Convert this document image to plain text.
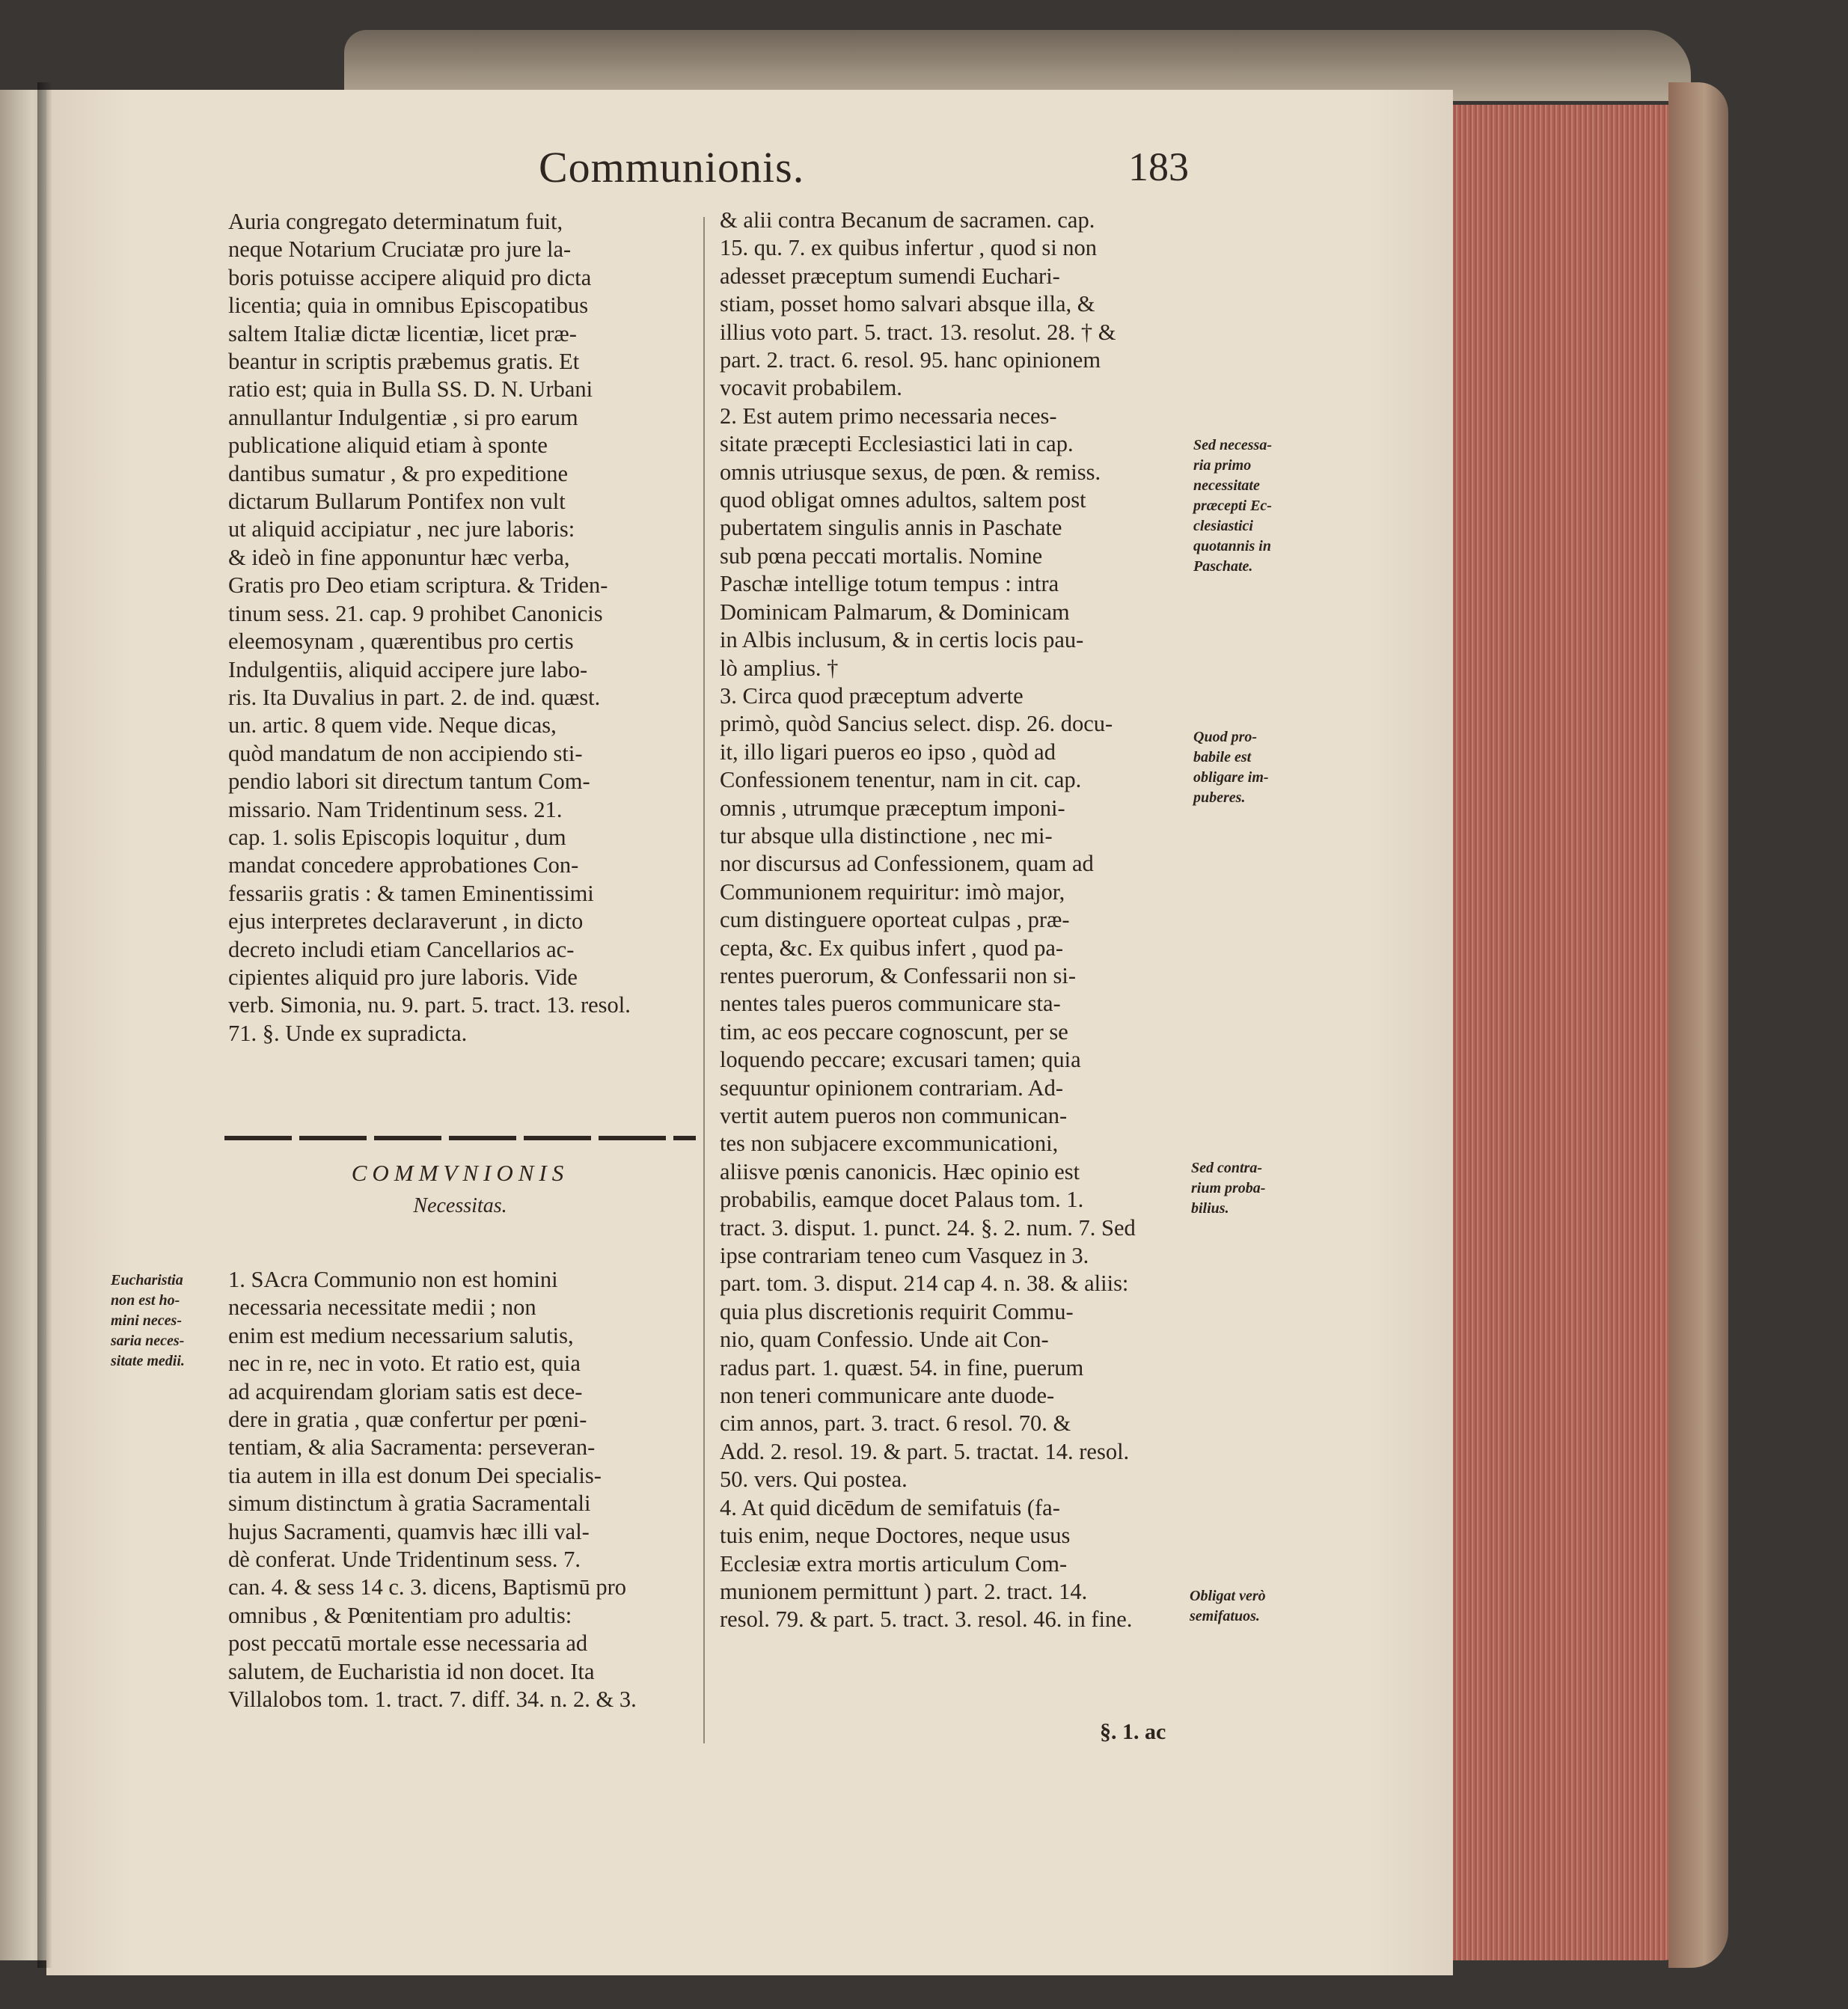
Communionis.	183

Auria congregato determinatum fuit,

neque Notarium Cruciatæ pro jure la-

boris potuisse accipere aliquid pro dicta

licentia; quia in omnibus Episcopatibus

saltem Italiæ dictæ licentiæ, licet præ-

beantur in scriptis præbemus gratis. Et

ratio est; quia in Bulla SS. D. N. Urbani

annullantur Indulgentiæ , si pro earum

publicatione aliquid etiam à sponte

dantibus sumatur , & pro expeditione

dictarum Bullarum Pontifex non vult

ut aliquid accipiatur , nec jure laboris:

& ideò in fine apponuntur hæc verba,

Gratis pro Deo etiam scriptura. & Triden-

tinum sess. 21. cap. 9 prohibet Canonicis

eleemosynam , quærentibus pro certis

Indulgentiis, aliquid accipere jure labo-

ris. Ita Duvalius in part. 2. de ind. quæst.

un. artic. 8 quem vide. Neque dicas,

quòd mandatum de non accipiendo sti-

pendio labori sit directum tantum Com-

missario. Nam Tridentinum sess. 21.

cap. 1. solis Episcopis loquitur , dum

mandat concedere approbationes Con-

fessariis gratis : & tamen Eminentissimi

ejus interpretes declaraverunt , in dicto

decreto includi etiam Cancellarios ac-

cipientes aliquid pro jure laboris. Vide

verb. Simonia, nu. 9. part. 5. tract. 13. resol.

71. §. Unde ex supradicta.

COMMVNIONIS
Necessitas.

1. SAcra Communio non est homini

necessaria necessitate medii ; non

enim est medium necessarium salutis,

nec in re, nec in voto. Et ratio est, quia

ad acquirendam gloriam satis est dece-

dere in gratia , quæ confertur per pœni-

tentiam, & alia Sacramenta: perseveran-

tia autem in illa est donum Dei specialis-

simum distinctum à gratia Sacramentali

hujus Sacramenti, quamvis hæc illi val-

dè conferat. Unde Tridentinum sess. 7.

can. 4. & sess 14 c. 3. dicens, Baptismū pro

omnibus , & Pœnitentiam pro adultis:

post peccatū mortale esse necessaria ad

salutem, de Eucharistia id non docet. Ita

Villalobos tom. 1. tract. 7. diff. 34. n. 2. & 3.

& alii contra Becanum de sacramen. cap.

15. qu. 7. ex quibus infertur , quod si non

adesset præceptum sumendi Euchari-

stiam, posset homo salvari absque illa, &

illius voto part. 5. tract. 13. resolut. 28. † &

part. 2. tract. 6. resol. 95. hanc opinionem

vocavit probabilem.

2. Est autem primo necessaria neces-

sitate præcepti Ecclesiastici lati in cap.

omnis utriusque sexus, de pœn. & remiss.

quod obligat omnes adultos, saltem post

pubertatem singulis annis in Paschate

sub pœna peccati mortalis. Nomine

Paschæ intellige totum tempus : intra

Dominicam Palmarum, & Dominicam

in Albis inclusum, & in certis locis pau-

lò amplius. †

3. Circa quod præceptum adverte

primò, quòd Sancius select. disp. 26. docu-

it, illo ligari pueros eo ipso , quòd ad

Confessionem tenentur, nam in cit. cap.

omnis , utrumque præceptum imponi-

tur absque ulla distinctione , nec mi-

nor discursus ad Confessionem, quam ad

Communionem requiritur: imò major,

cum distinguere oporteat culpas , præ-

cepta, &c. Ex quibus infert , quod pa-

rentes puerorum, & Confessarii non si-

nentes tales pueros communicare sta-

tim, ac eos peccare cognoscunt, per se

loquendo peccare; excusari tamen; quia

sequuntur opinionem contrariam. Ad-

vertit autem pueros non communican-

tes non subjacere excommunicationi,

aliisve pœnis canonicis. Hæc opinio est

probabilis, eamque docet Palaus tom. 1.

tract. 3. disput. 1. punct. 24. §. 2. num. 7. Sed

ipse contrariam teneo cum Vasquez in 3.

part. tom. 3. disput. 214 cap 4. n. 38. & aliis:

quia plus discretionis requirit Commu-

nio, quam Confessio. Unde ait Con-

radus part. 1. quæst. 54. in fine, puerum

non teneri communicare ante duode-

cim annos, part. 3. tract. 6 resol. 70. &

Add. 2. resol. 19. & part. 5. tractat. 14. resol.

50. vers. Qui postea.

4. At quid dicēdum de semifatuis (fa-

tuis enim, neque Doctores, neque usus

Ecclesiæ extra mortis articulum Com-

munionem permittunt ) part. 2. tract. 14.

resol. 79. & part. 5. tract. 3. resol. 46. in fine.

§. 1. ac
Eucharistia
non est ho-
mini neces-
saria neces-
sitate medii.
Sed necessa-
ria primo
necessitate
præcepti Ec-
clesiastici
quotannis in
Paschate.
Quod pro-
babile est
obligare im-
puberes.
Sed contra-
rium proba-
bilius.
Obligat verò
semifatuos.
